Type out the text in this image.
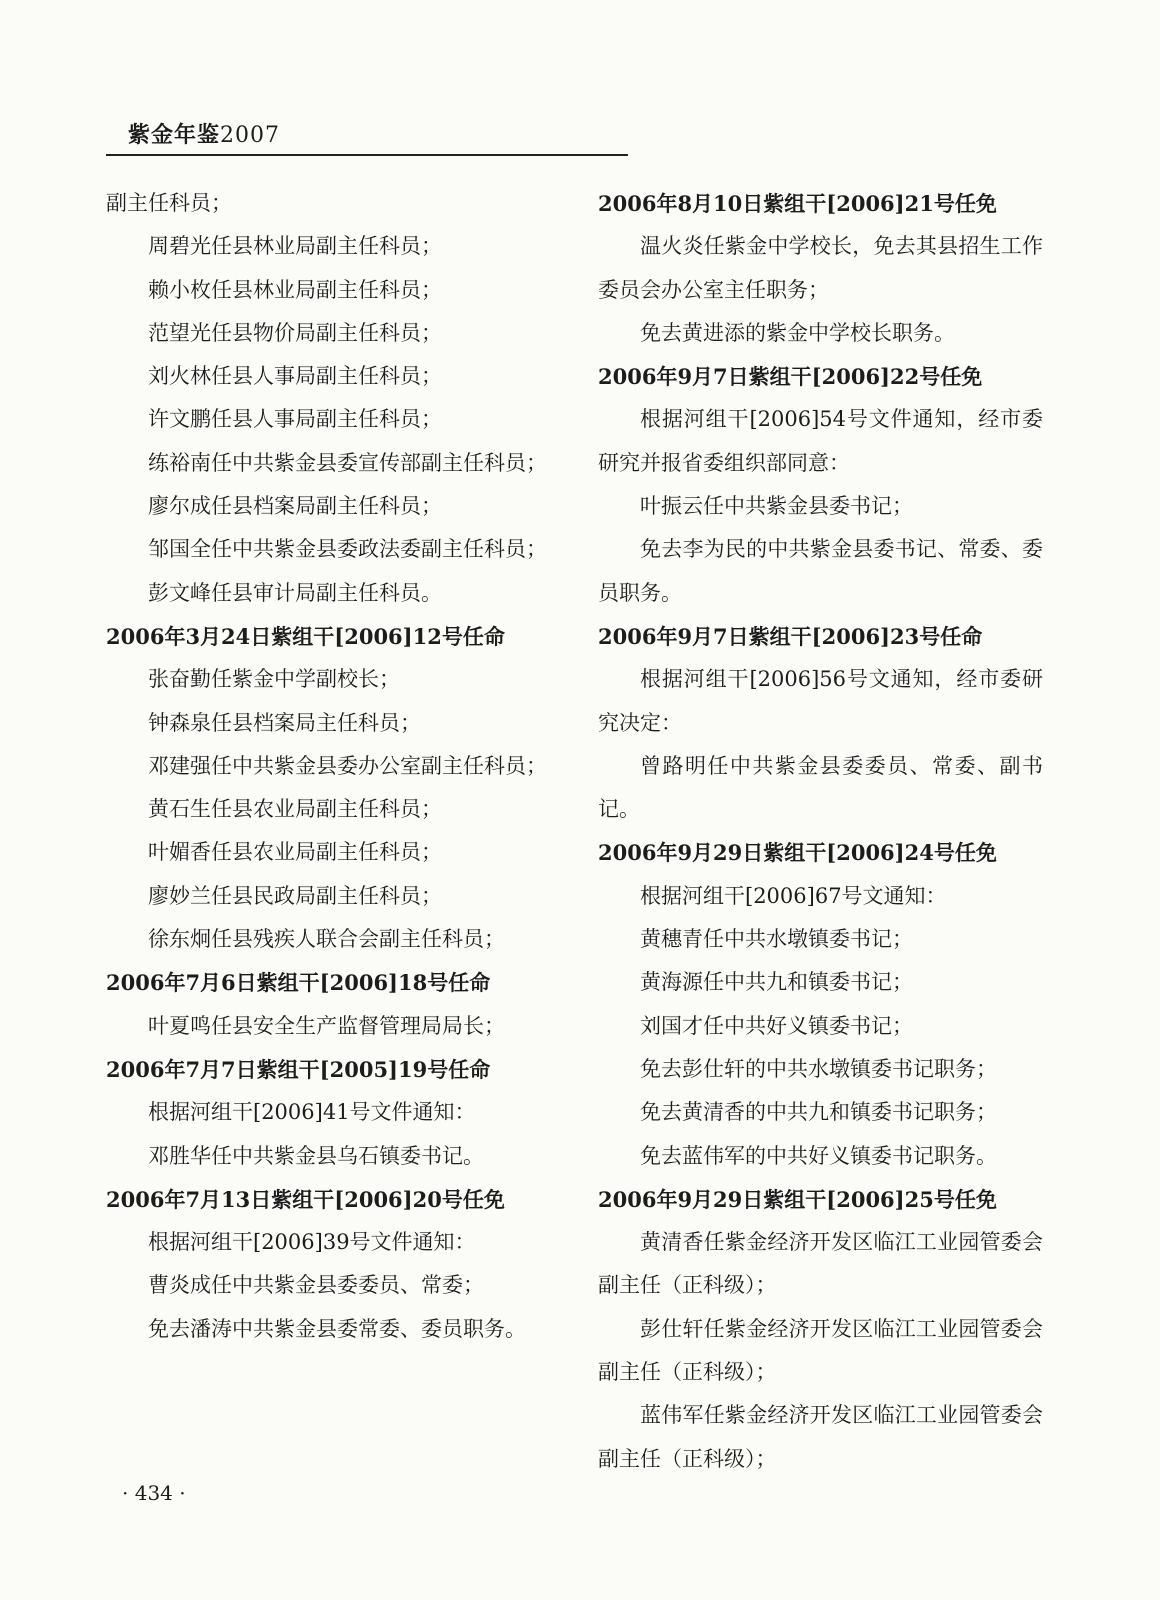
紫金年鉴2007

副主任科员；

周碧光任县林业局副主任科员；

赖小枚任县林业局副主任科员；

范望光任县物价局副主任科员；

刘火林任县人事局副主任科员；

许文鹏任县人事局副主任科员；

练裕南任中共紫金县委宣传部副主任科员；

廖尔成任县档案局副主任科员；

邹国全任中共紫金县委政法委副主任科员；

彭文峰任县审计局副主任科员。

2006年3月24日紫组干[2006]12号任命

张奋勤任紫金中学副校长；

钟森泉任县档案局主任科员；

邓建强任中共紫金县委办公室副主任科员；

黄石生任县农业局副主任科员；

叶媚香任县农业局副主任科员；

廖妙兰任县民政局副主任科员；

徐东炯任县残疾人联合会副主任科员；

2006年7月6日紫组干[2006]18号任命

叶夏鸣任县安全生产监督管理局局长；

2006年7月7日紫组干[2005]19号任命

根据河组干[2006]41号文件通知：

邓胜华任中共紫金县乌石镇委书记。

2006年7月13日紫组干[2006]20号任免

根据河组干[2006]39号文件通知：

曹炎成任中共紫金县委委员、常委；

免去潘涛中共紫金县委常委、委员职务。

2006年8月10日紫组干[2006]21号任免

温火炎任紫金中学校长，免去其县招生工作委员会办公室主任职务；

免去黄进添的紫金中学校长职务。

2006年9月7日紫组干[2006]22号任免

根据河组干[2006]54号文件通知，经市委研究并报省委组织部同意：

叶振云任中共紫金县委书记；

免去李为民的中共紫金县委书记、常委、委员职务。

2006年9月7日紫组干[2006]23号任命

根据河组干[2006]56号文通知，经市委研究决定：

曾路明任中共紫金县委委员、常委、副书记。

2006年9月29日紫组干[2006]24号任免

根据河组干[2006]67号文通知：

黄穗青任中共水墩镇委书记；

黄海源任中共九和镇委书记；

刘国才任中共好义镇委书记；

免去彭仕轩的中共水墩镇委书记职务；

免去黄清香的中共九和镇委书记职务；

免去蓝伟军的中共好义镇委书记职务。

2006年9月29日紫组干[2006]25号任免

黄清香任紫金经济开发区临江工业园管委会副主任（正科级）；

彭仕轩任紫金经济开发区临江工业园管委会副主任（正科级）；

蓝伟军任紫金经济开发区临江工业园管委会副主任（正科级）；

· 434 ·
